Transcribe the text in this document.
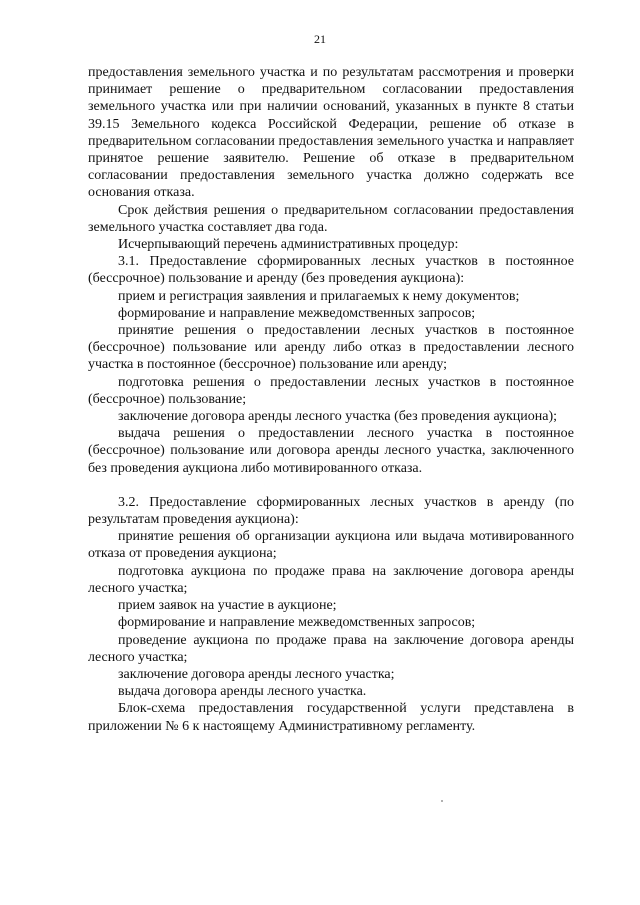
21

предоставления земельного участка и по результатам рассмотрения и проверки принимает решение о предварительном согласовании предоставления земельного участка или при наличии оснований, указанных в пункте 8 статьи 39.15 Земельного кодекса Российской Федерации, решение об отказе в предварительном согласовании предоставления земельного участка и направляет принятое решение заявителю. Решение об отказе в предварительном согласовании предоставления земельного участка должно содержать все основания отказа.

Срок действия решения о предварительном согласовании предоставления земельного участка составляет два года.

Исчерпывающий перечень административных процедур:

3.1. Предоставление сформированных лесных участков в постоянное (бессрочное) пользование и аренду (без проведения аукциона):

прием и регистрация заявления и прилагаемых к нему документов;

формирование и направление межведомственных запросов;

принятие решения о предоставлении лесных участков в постоянное (бессрочное) пользование или аренду либо отказ в предоставлении лесного участка в постоянное (бессрочное) пользование или аренду;

подготовка решения о предоставлении лесных участков в постоянное (бессрочное) пользование;

заключение договора аренды лесного участка (без проведения аукциона);

выдача решения о предоставлении лесного участка в постоянное (бессрочное) пользование или договора аренды лесного участка, заключенного без проведения аукциона либо мотивированного отказа.

3.2. Предоставление сформированных лесных участков в аренду (по результатам проведения аукциона):

принятие решения об организации аукциона или выдача мотивированного отказа от проведения аукциона;

подготовка аукциона по продаже права на заключение договора аренды лесного участка;

прием заявок на участие в аукционе;

формирование и направление межведомственных запросов;

проведение аукциона по продаже права на заключение договора аренды лесного участка;

заключение договора аренды лесного участка;

выдача договора аренды лесного участка.

Блок-схема предоставления государственной услуги представлена в приложении № 6 к настоящему Административному регламенту.
